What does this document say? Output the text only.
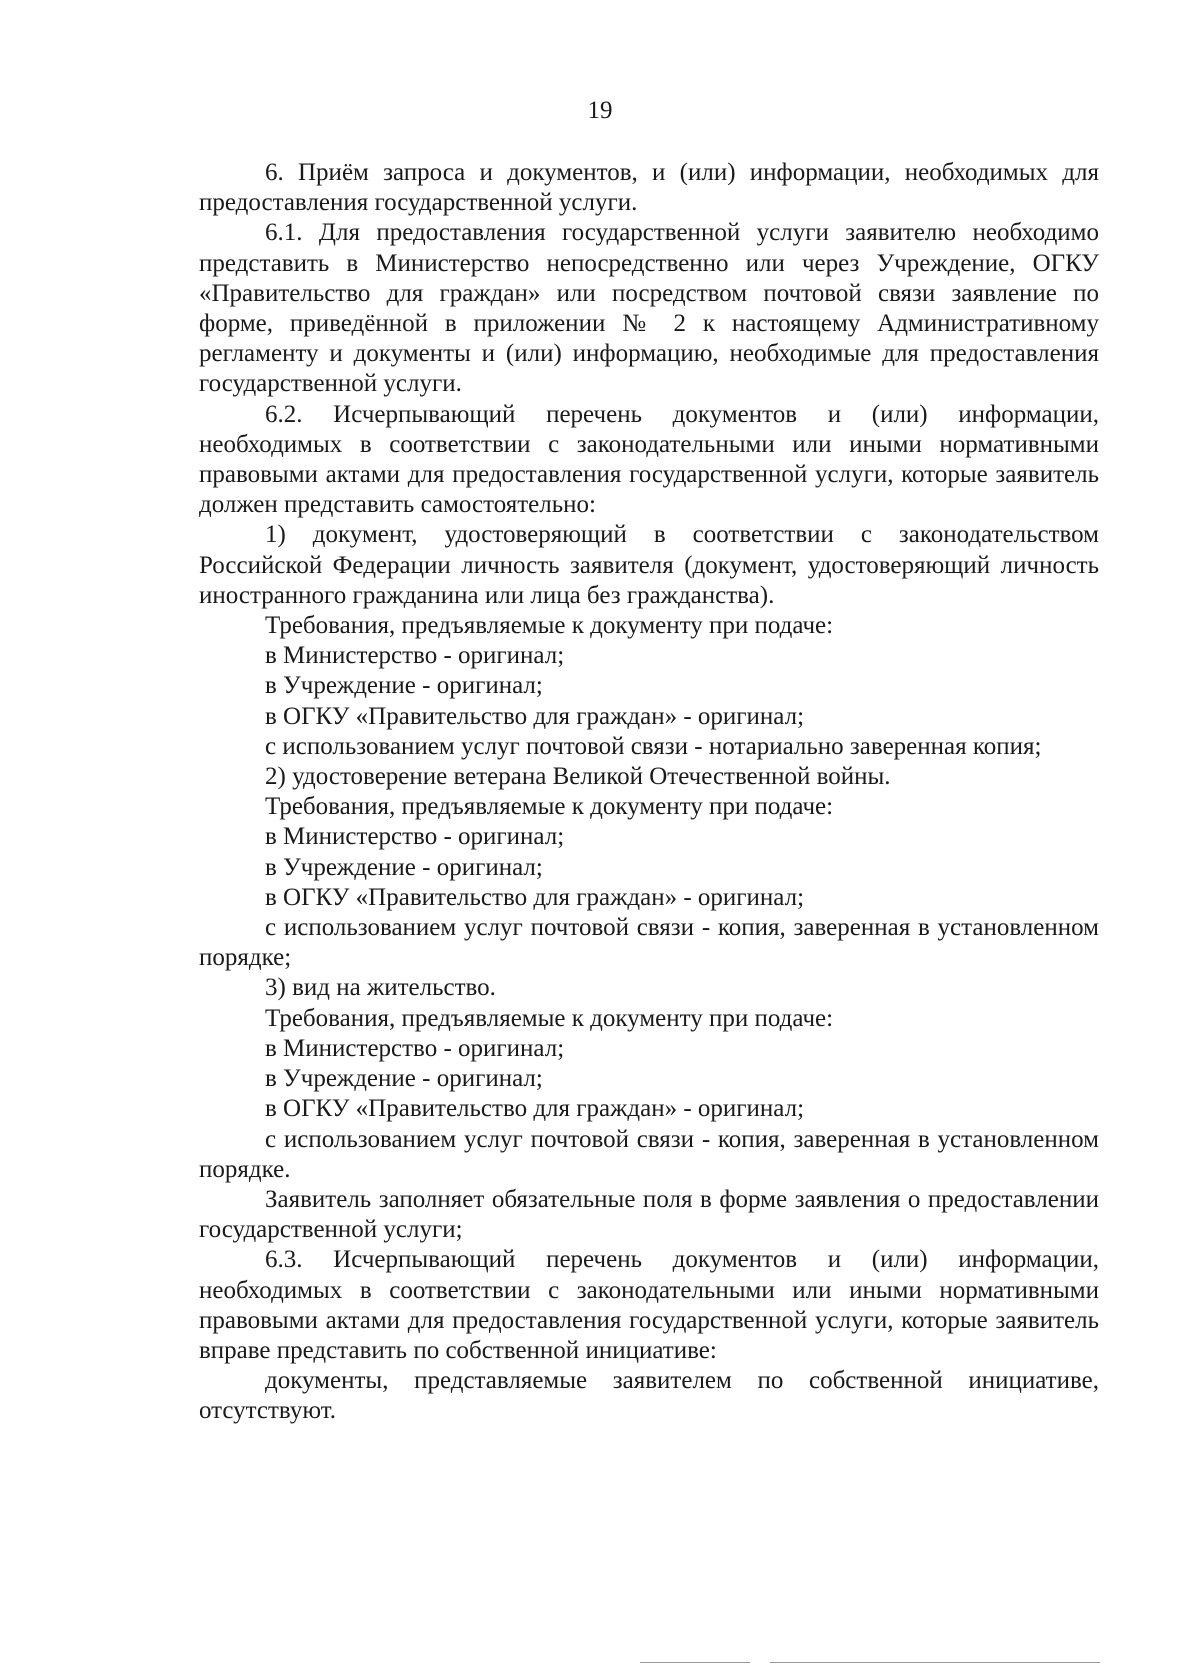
19

6. Приём запроса и документов, и (или) информации, необходимых для предоставления государственной услуги.

6.1. Для предоставления государственной услуги заявителю необходимо представить в Министерство непосредственно или через Учреждение, ОГКУ «Правительство для граждан» или посредством почтовой связи заявление по форме, приведённой в приложении № 2 к настоящему Административному регламенту и документы и (или) информацию, необходимые для предоставления государственной услуги.

6.2. Исчерпывающий перечень документов и (или) информации, необходимых в соответствии с законодательными или иными нормативными правовыми актами для предоставления государственной услуги, которые заявитель должен представить самостоятельно:

1) документ, удостоверяющий в соответствии с законодательством Российской Федерации личность заявителя (документ, удостоверяющий личность иностранного гражданина или лица без гражданства).

Требования, предъявляемые к документу при подаче:

в Министерство - оригинал;

в Учреждение - оригинал;

в ОГКУ «Правительство для граждан» - оригинал;

с использованием услуг почтовой связи - нотариально заверенная копия;

2) удостоверение ветерана Великой Отечественной войны.

Требования, предъявляемые к документу при подаче:

в Министерство - оригинал;

в Учреждение - оригинал;

в ОГКУ «Правительство для граждан» - оригинал;

с использованием услуг почтовой связи - копия, заверенная в установленном порядке;

3) вид на жительство.

Требования, предъявляемые к документу при подаче:

в Министерство - оригинал;

в Учреждение - оригинал;

в ОГКУ «Правительство для граждан» - оригинал;

с использованием услуг почтовой связи - копия, заверенная в установленном порядке.

Заявитель заполняет обязательные поля в форме заявления о предоставлении государственной услуги;

6.3. Исчерпывающий перечень документов и (или) информации, необходимых в соответствии с законодательными или иными нормативными правовыми актами для предоставления государственной услуги, которые заявитель вправе представить по собственной инициативе:

документы, представляемые заявителем по собственной инициативе, отсутствуют.
